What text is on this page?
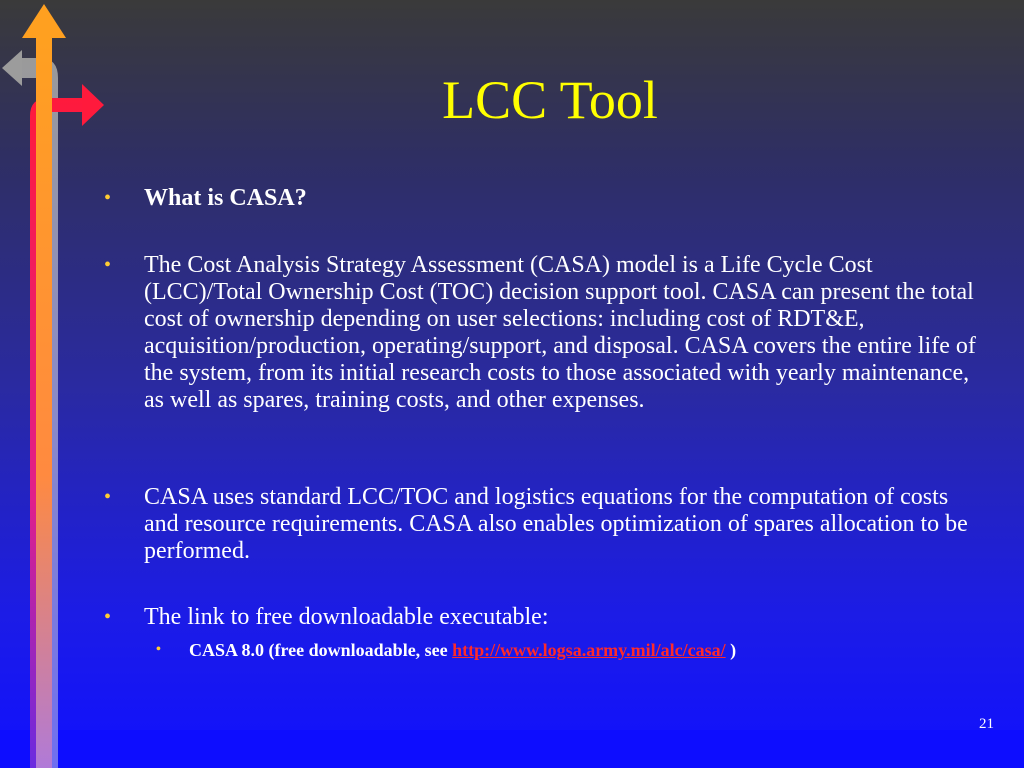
LCC Tool
• What is CASA?
• The Cost Analysis Strategy Assessment (CASA) model is a Life Cycle Cost (LCC)/Total Ownership Cost (TOC) decision support tool. CASA can present the total cost of ownership depending on user selections: including cost of RDT&E, acquisition/production, operating/support, and disposal. CASA covers the entire life of the system, from its initial research costs to those associated with yearly maintenance, as well as spares, training costs, and other expenses.
• CASA uses standard LCC/TOC and logistics equations for the computation of costs and resource requirements. CASA also enables optimization of spares allocation to be performed.
• The link to free downloadable executable:
• CASA 8.0 (free downloadable, see http://www.logsa.army.mil/alc/casa/ )
21
